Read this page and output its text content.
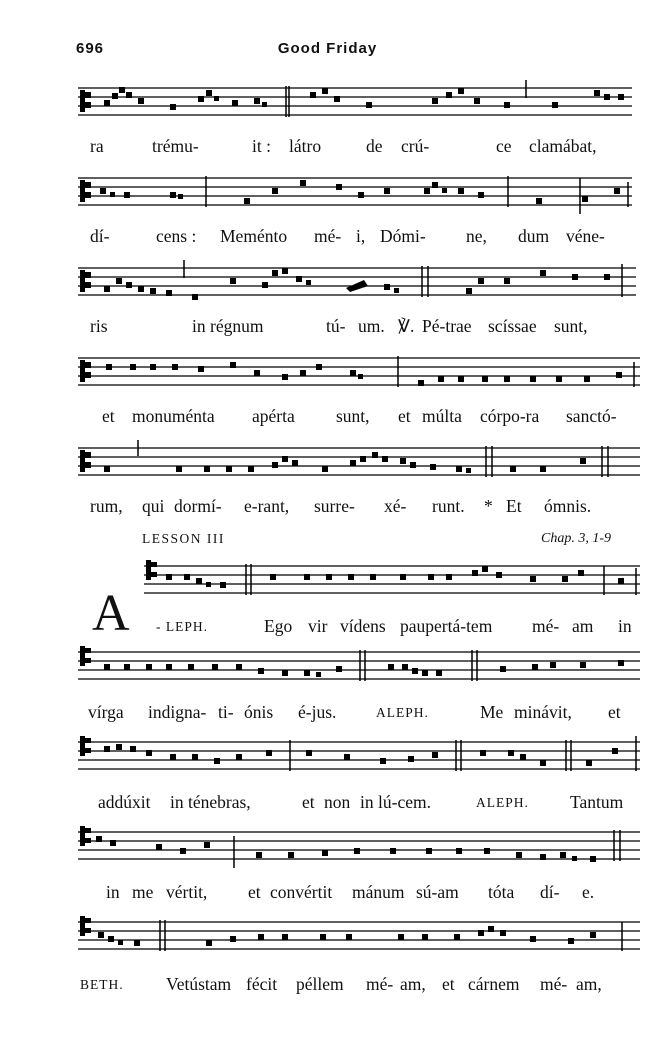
696	Good Friday
LESSON III	Chap. 3, 1-9
A
ra	trému-	it : látro	de crú-	ce clamábat,
dí-	cens : Meménto mé- i, Dómi- ne, dum véne-
ris	in régnum	tú- um. ℣. Pé-trae scíssae sunt,
et monuménta apérta sunt, et múlta córpo-ra sanctó-
rum, qui dormí- e-rant, surre- xé- runt. * Et ómnis.
- LEPH.	Ego vir vídens paupertá-tem mé- am in
vírga indigna- ti- ónis é-jus.	ALEPH.	Me minávit, et
addúxit in ténebras,	et non in lú-cem.	ALEPH. Tantum
in me vértit, et convértit mánum sú-am tóta dí- e.
BETH. Vetústam fécit péllem mé- am, et cárnem mé- am,
